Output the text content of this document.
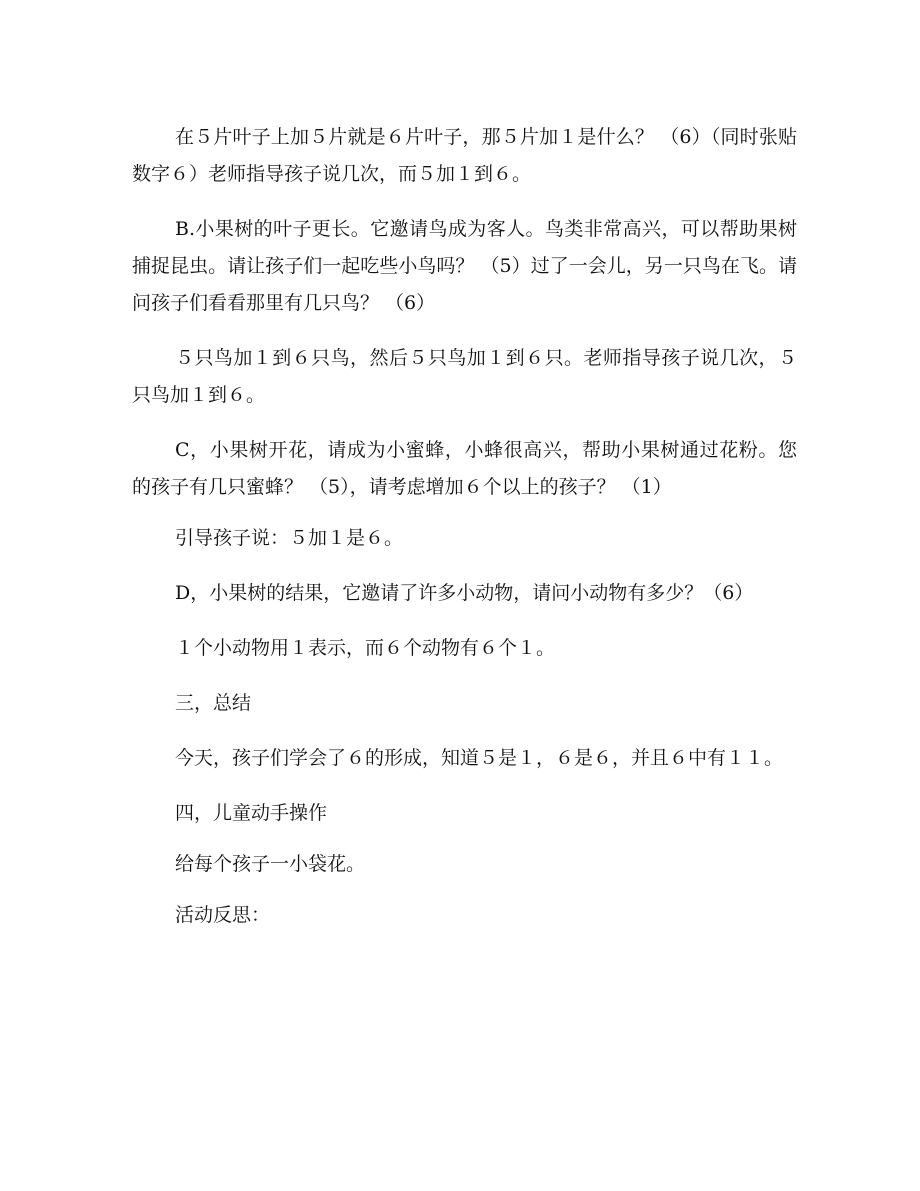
在５片叶子上加５片就是６片叶子，那５片加１是什么？ （6）（同时张贴数字６）老师指导孩子说几次，而５加１到６。

B.小果树的叶子更长。它邀请鸟成为客人。鸟类非常高兴，可以帮助果树捕捉昆虫。请让孩子们一起吃些小鸟吗？ （5）过了一会儿，另一只鸟在飞。请问孩子们看看那里有几只鸟？ （6）

５只鸟加１到６只鸟，然后５只鸟加１到６只。老师指导孩子说几次，５只鸟加１到６。

C，小果树开花，请成为小蜜蜂，小蜂很高兴，帮助小果树通过花粉。您的孩子有几只蜜蜂？ （5），请考虑增加６个以上的孩子？ （1）

引导孩子说：５加１是６。

D，小果树的结果，它邀请了许多小动物，请问小动物有多少？（6）

１个小动物用１表示，而６个动物有６个１。

三，总结

今天，孩子们学会了６的形成，知道５是１，６是６，并且６中有１１。

四，儿童动手操作

给每个孩子一小袋花。

活动反思：
